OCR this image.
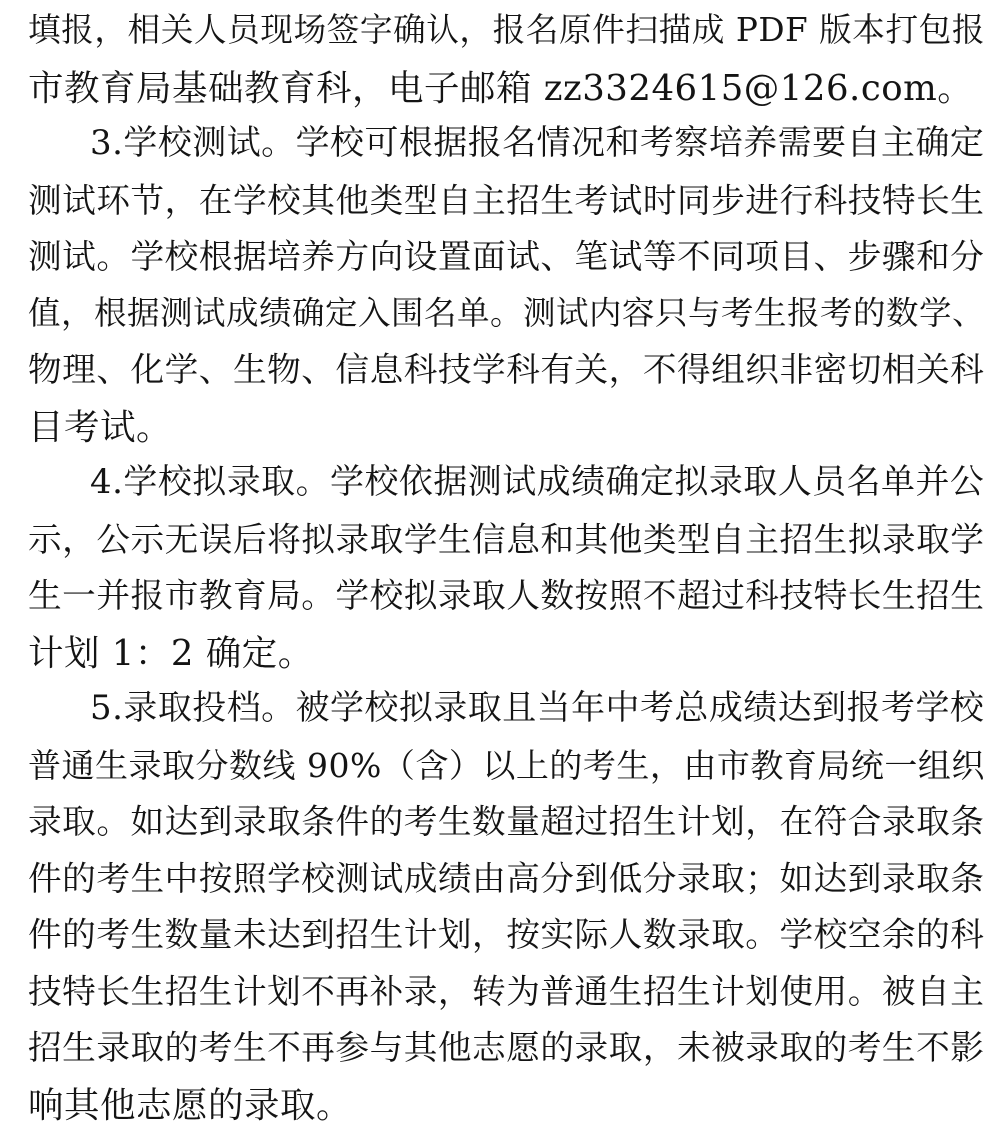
填报，相关人员现场签字确认，报名原件扫描成 PDF 版本打包报
市教育局基础教育科，电子邮箱 zz3324615@126.com。
3.学校测试。学校可根据报名情况和考察培养需要自主确定
测试环节，在学校其他类型自主招生考试时同步进行科技特长生
测试。学校根据培养方向设置面试、笔试等不同项目、步骤和分
值，根据测试成绩确定入围名单。测试内容只与考生报考的数学、
物理、化学、生物、信息科技学科有关，不得组织非密切相关科
目考试。
4.学校拟录取。学校依据测试成绩确定拟录取人员名单并公
示，公示无误后将拟录取学生信息和其他类型自主招生拟录取学
生一并报市教育局。学校拟录取人数按照不超过科技特长生招生
计划 1：2 确定。
5.录取投档。被学校拟录取且当年中考总成绩达到报考学校
普通生录取分数线 90%（含）以上的考生，由市教育局统一组织
录取。如达到录取条件的考生数量超过招生计划，在符合录取条
件的考生中按照学校测试成绩由高分到低分录取；如达到录取条
件的考生数量未达到招生计划，按实际人数录取。学校空余的科
技特长生招生计划不再补录，转为普通生招生计划使用。被自主
招生录取的考生不再参与其他志愿的录取，未被录取的考生不影
响其他志愿的录取。
